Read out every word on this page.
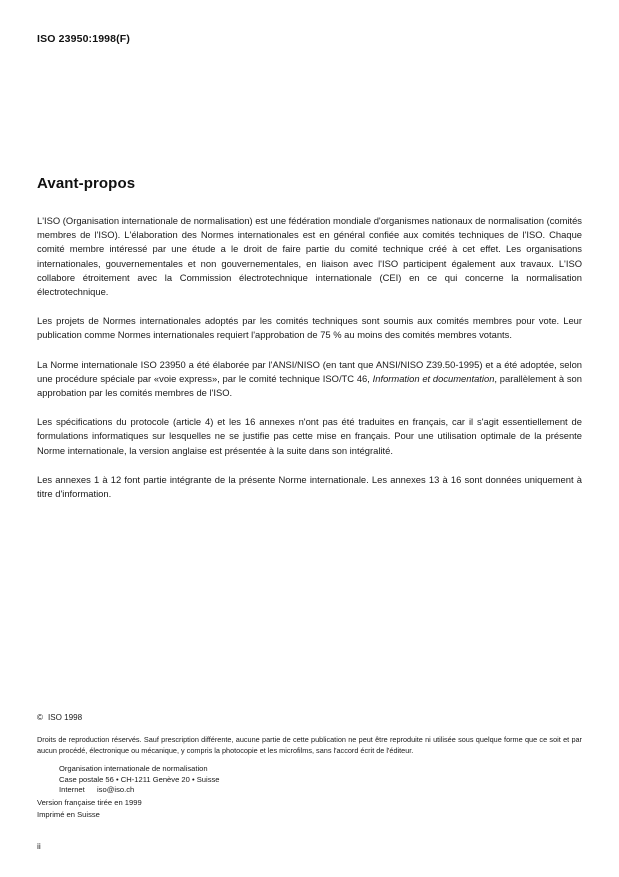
ISO 23950:1998(F)
Avant-propos

L'ISO (Organisation internationale de normalisation) est une fédération mondiale d'organismes nationaux de normalisation (comités membres de l'ISO). L'élaboration des Normes internationales est en général confiée aux comités techniques de l'ISO. Chaque comité membre intéressé par une étude a le droit de faire partie du comité technique créé à cet effet. Les organisations internationales, gouvernementales et non gouvernementales, en liaison avec l'ISO participent également aux travaux. L'ISO collabore étroitement avec la Commission électrotechnique internationale (CEI) en ce qui concerne la normalisation électrotechnique.

Les projets de Normes internationales adoptés par les comités techniques sont soumis aux comités membres pour vote. Leur publication comme Normes internationales requiert l'approbation de 75 % au moins des comités membres votants.

La Norme internationale ISO 23950 a été élaborée par l'ANSI/NISO (en tant que ANSI/NISO Z39.50-1995) et a été adoptée, selon une procédure spéciale par «voie express», par le comité technique ISO/TC 46, Information et documentation, parallèlement à son approbation par les comités membres de l'ISO.

Les spécifications du protocole (article 4) et les 16 annexes n'ont pas été traduites en français, car il s'agit essentiellement de formulations informatiques sur lesquelles ne se justifie pas cette mise en français. Pour une utilisation optimale de la présente Norme internationale, la version anglaise est présentée à la suite dans son intégralité.

Les annexes 1 à 12 font partie intégrante de la présente Norme internationale. Les annexes 13 à 16 sont données uniquement à titre d'information.

© ISO 1998

Droits de reproduction réservés. Sauf prescription différente, aucune partie de cette publication ne peut être reproduite ni utilisée sous quelque forme que ce soit et par aucun procédé, électronique ou mécanique, y compris la photocopie et les microfilms, sans l'accord écrit de l'éditeur.

Organisation internationale de normalisation
Case postale 56 • CH-1211 Genève 20 • Suisse
Internet iso@iso.ch
Version française tirée en 1999
Imprimé en Suisse
ii
